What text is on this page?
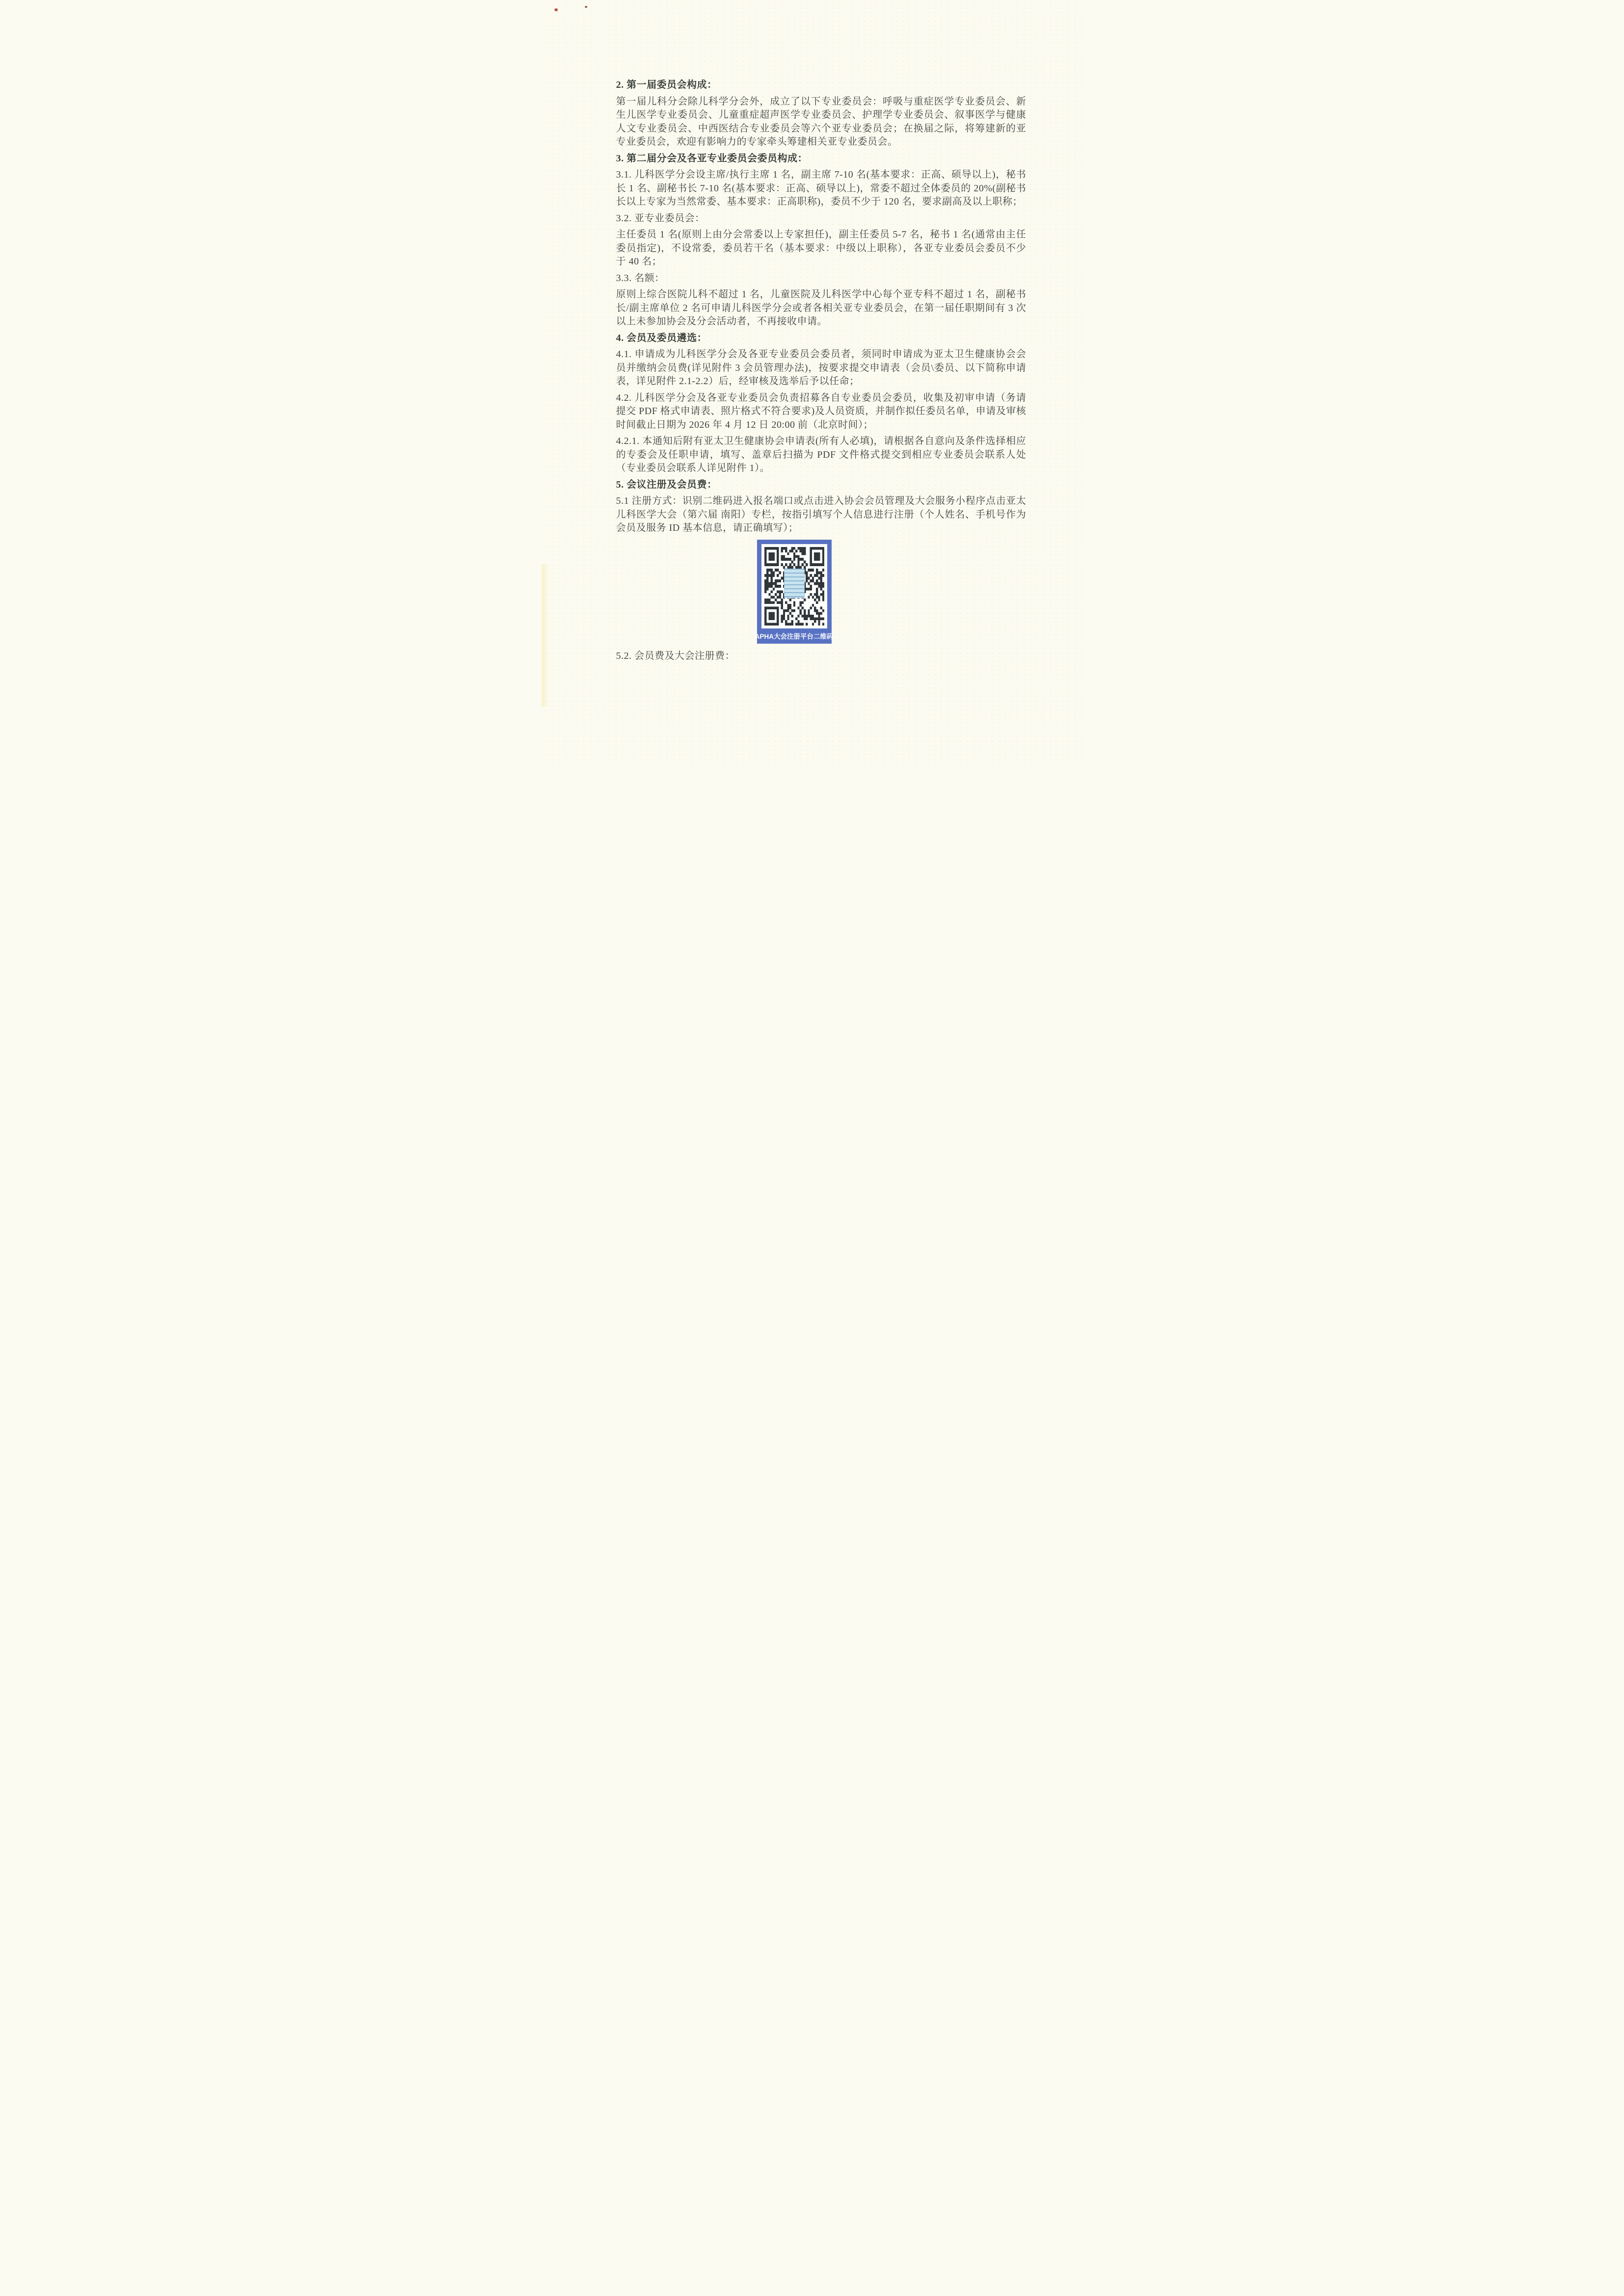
2. 第一届委员会构成：

第一届儿科分会除儿科学分会外，成立了以下专业委员会：呼吸与重症医学专业委员会、新生儿医学专业委员会、儿童重症超声医学专业委员会、护理学专业委员会、叙事医学与健康人文专业委员会、中西医结合专业委员会等六个亚专业委员会；在换届之际，将筹建新的亚专业委员会，欢迎有影响力的专家牵头筹建相关亚专业委员会。

3. 第二届分会及各亚专业委员会委员构成：

3.1. 儿科医学分会设主席/执行主席 1 名，副主席 7-10 名(基本要求：正高、硕导以上)，秘书长 1 名、副秘书长 7-10 名(基本要求：正高、硕导以上)，常委不超过全体委员的 20%(副秘书长以上专家为当然常委、基本要求：正高职称)，委员不少于 120 名，要求副高及以上职称；

3.2. 亚专业委员会：

主任委员 1 名(原则上由分会常委以上专家担任)，副主任委员 5-7 名，秘书 1 名(通常由主任委员指定)，不设常委，委员若干名（基本要求：中级以上职称），各亚专业委员会委员不少于 40 名；

3.3. 名额：

原则上综合医院儿科不超过 1 名，儿童医院及儿科医学中心每个亚专科不超过 1 名，副秘书长/副主席单位 2 名可申请儿科医学分会或者各相关亚专业委员会，在第一届任职期间有 3 次以上未参加协会及分会活动者，不再接收申请。

4. 会员及委员遴选：

4.1. 申请成为儿科医学分会及各亚专业委员会委员者，须同时申请成为亚太卫生健康协会会员并缴纳会员费(详见附件 3 会员管理办法)，按要求提交申请表（会员\委员、以下简称申请表，详见附件 2.1-2.2）后，经审核及选举后予以任命；

4.2. 儿科医学分会及各亚专业委员会负责招募各自专业委员会委员，收集及初审申请（务请提交 PDF 格式申请表、照片格式不符合要求)及人员资质，并制作拟任委员名单，申请及审核时间截止日期为 2026 年 4 月 12 日 20:00 前（北京时间）；

4.2.1. 本通知后附有亚太卫生健康协会申请表(所有人必填)，请根据各自意向及条件选择相应的专委会及任职申请，填写、盖章后扫描为 PDF 文件格式提交到相应专业委员会联系人处（专业委员会联系人详见附件 1）。

5. 会议注册及会员费：

5.1 注册方式：识别二维码进入报名端口或点击进入协会会员管理及大会服务小程序点击亚太儿科医学大会（第六届 南阳）专栏，按指引填写个人信息进行注册（个人姓名、手机号作为会员及服务 ID 基本信息，请正确填写）；

APHA大会注册平台二维码

5.2. 会员费及大会注册费：
